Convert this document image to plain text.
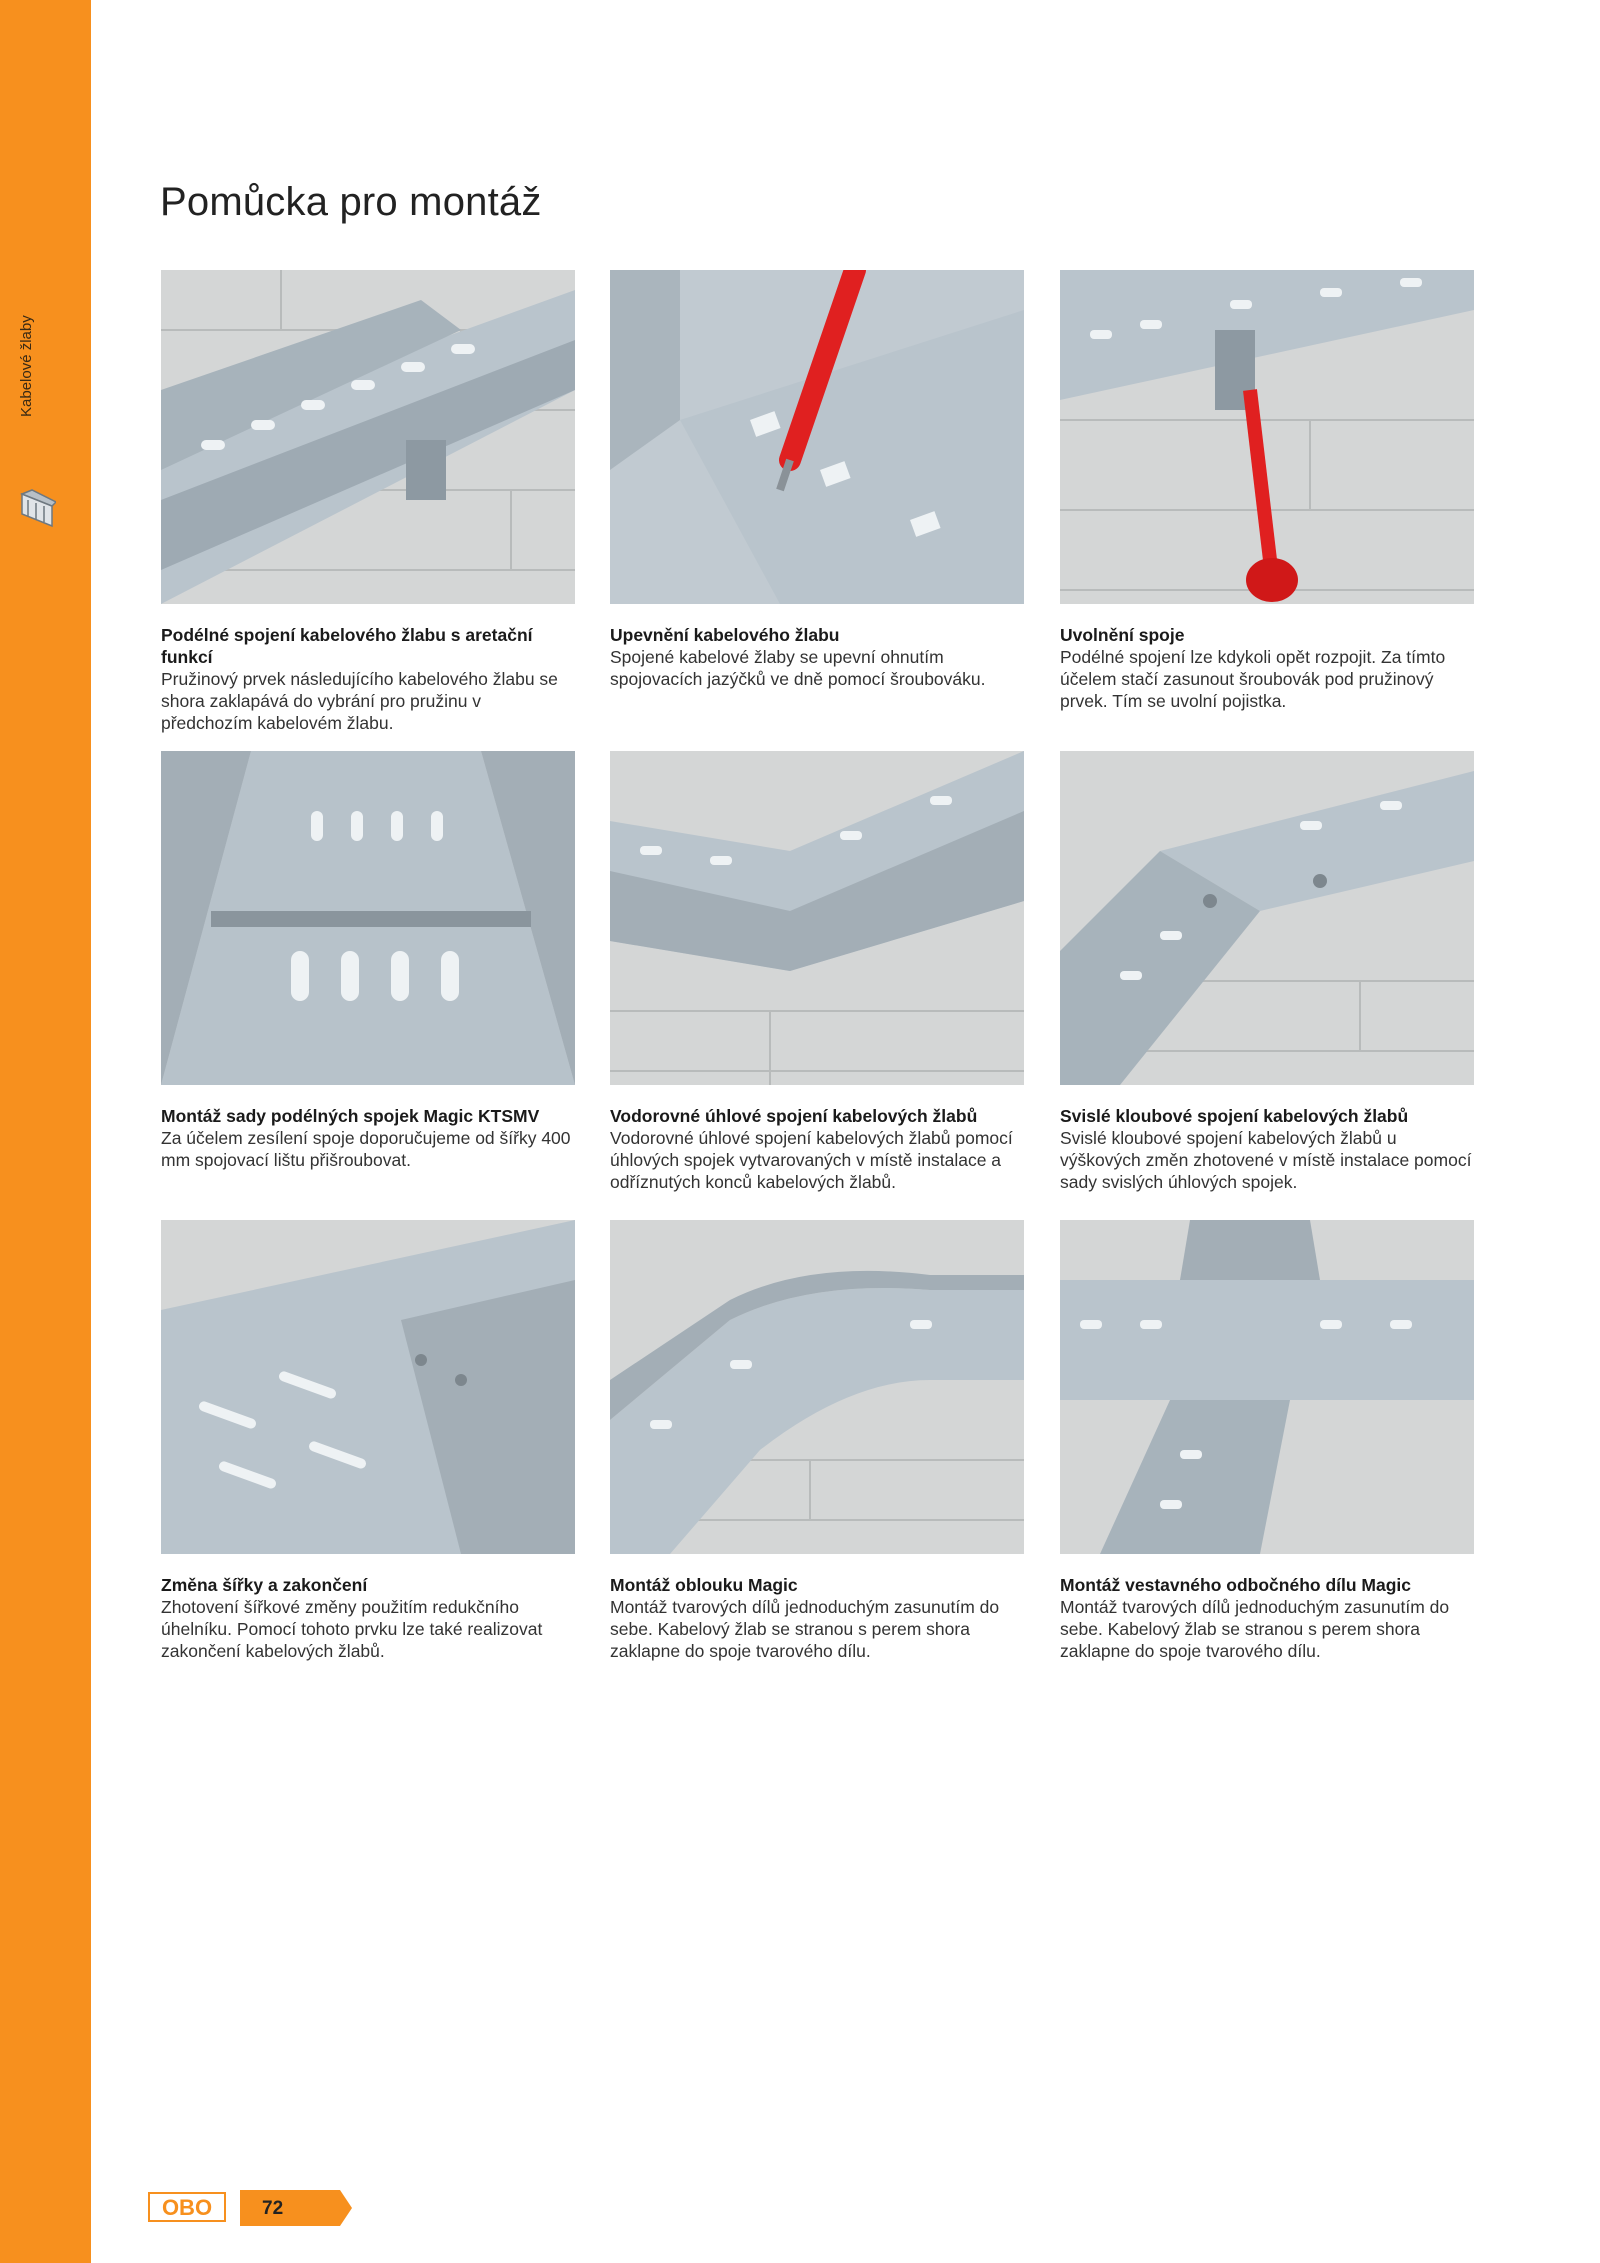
Kabelové žlaby
Pomůcka pro montáž
Podélné spojení kabelového žlabu s aretační funkcí
Pružinový prvek následujícího kabelového žlabu se shora zaklapává do vybrání pro pružinu v předchozím kabelovém žlabu.
Upevnění kabelového žlabu
Spojené kabelové žlaby se upevní ohnutím spojovacích jazýčků ve dně pomocí šroubováku.
Uvolnění spoje
Podélné spojení lze kdykoli opět rozpojit. Za tímto účelem stačí zasunout šroubovák pod pružinový prvek. Tím se uvolní pojistka.
Montáž sady podélných spojek Magic KTSMV
Za účelem zesílení spoje doporučujeme od šířky 400 mm spojovací lištu přišroubovat.
Vodorovné úhlové spojení kabelových žlabů
Vodorovné úhlové spojení kabelových žlabů pomocí úhlových spojek vytvarovaných v místě instalace a odříznutých konců kabelových žlabů.
Svislé kloubové spojení kabelových žlabů
Svislé kloubové spojení kabelových žlabů u výškových změn zhotovené v místě instalace pomocí sady svislých úhlových spojek.
Změna šířky a zakončení
Zhotovení šířkové změny použitím redukčního úhelníku. Pomocí tohoto prvku lze také realizovat zakončení kabelových žlabů.
Montáž oblouku Magic
Montáž tvarových dílů jednoduchým zasunutím do sebe. Kabelový žlab se stranou s perem shora zaklapne do spoje tvarového dílu.
Montáž vestavného odbočného dílu Magic
Montáž tvarových dílů jednoduchým zasunutím do sebe. Kabelový žlab se stranou s perem shora zaklapne do spoje tvarového dílu.
OBO	72
